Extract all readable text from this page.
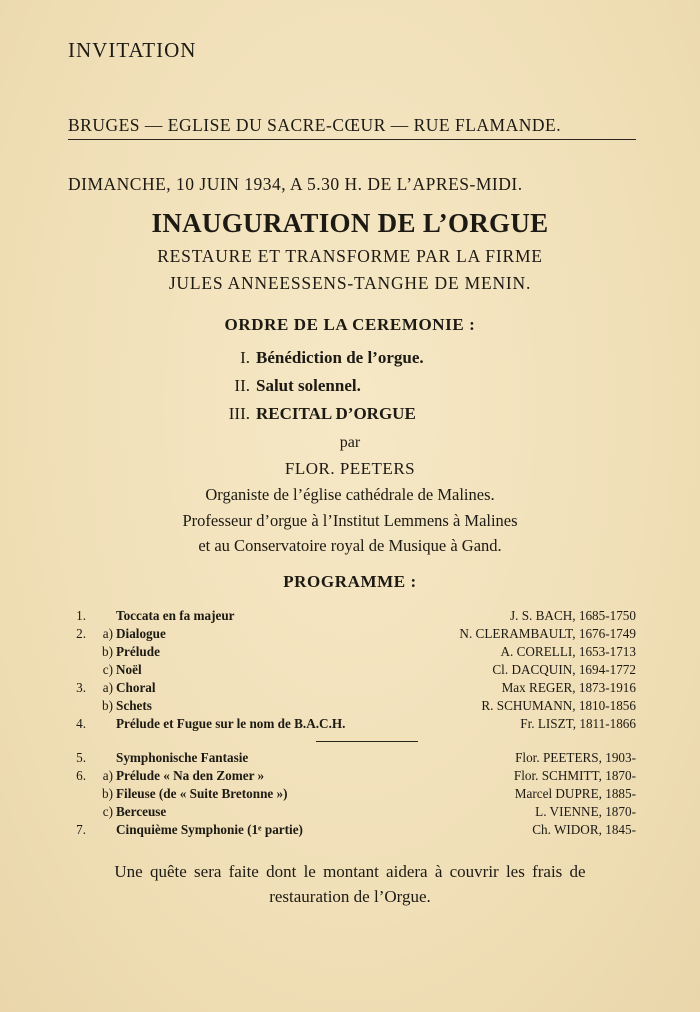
INVITATION
BRUGES — EGLISE DU SACRE-CŒUR — RUE FLAMANDE.
DIMANCHE, 10 JUIN 1934, A 5.30 H. DE L’APRES-MIDI.
INAUGURATION DE L’ORGUE
RESTAURE ET TRANSFORME PAR LA FIRME
JULES ANNEESSENS-TANGHE DE MENIN.
ORDRE DE LA CEREMONIE :
I. Bénédiction de l’orgue.
II. Salut solennel.
III. RECITAL D’ORGUE
par
FLOR. PEETERS
Organiste de l’église cathédrale de Malines.
Professeur d’orgue à l’Institut Lemmens à Malines
et au Conservatoire royal de Musique à Gand.
PROGRAMME :
1. Toccata en fa majeur	J. S. BACH, 1685-1750
2.	a) Dialogue	N. CLERAMBAULT, 1676-1749
b) Prélude	A. CORELLI, 1653-1713
c) Noël	Cl. DACQUIN, 1694-1772
3.	a) Choral	Max REGER, 1873-1916
b) Schets	R. SCHUMANN, 1810-1856
4. Prélude et Fugue sur le nom de B.A.C.H.	Fr. LISZT, 1811-1866
5. Symphonische Fantasie	Flor. PEETERS, 1903-
6.	a) Prélude « Na den Zomer »	Flor. SCHMITT, 1870-
b) Fileuse (de « Suite Bretonne »)	Marcel DUPRE, 1885-
c) Berceuse	L. VIENNE, 1870-
7. Cinquième Symphonie (1ᵉ partie)	Ch. WIDOR, 1845-
Une quête sera faite dont le montant aidera à couvrir les frais de
restauration de l’Orgue.
